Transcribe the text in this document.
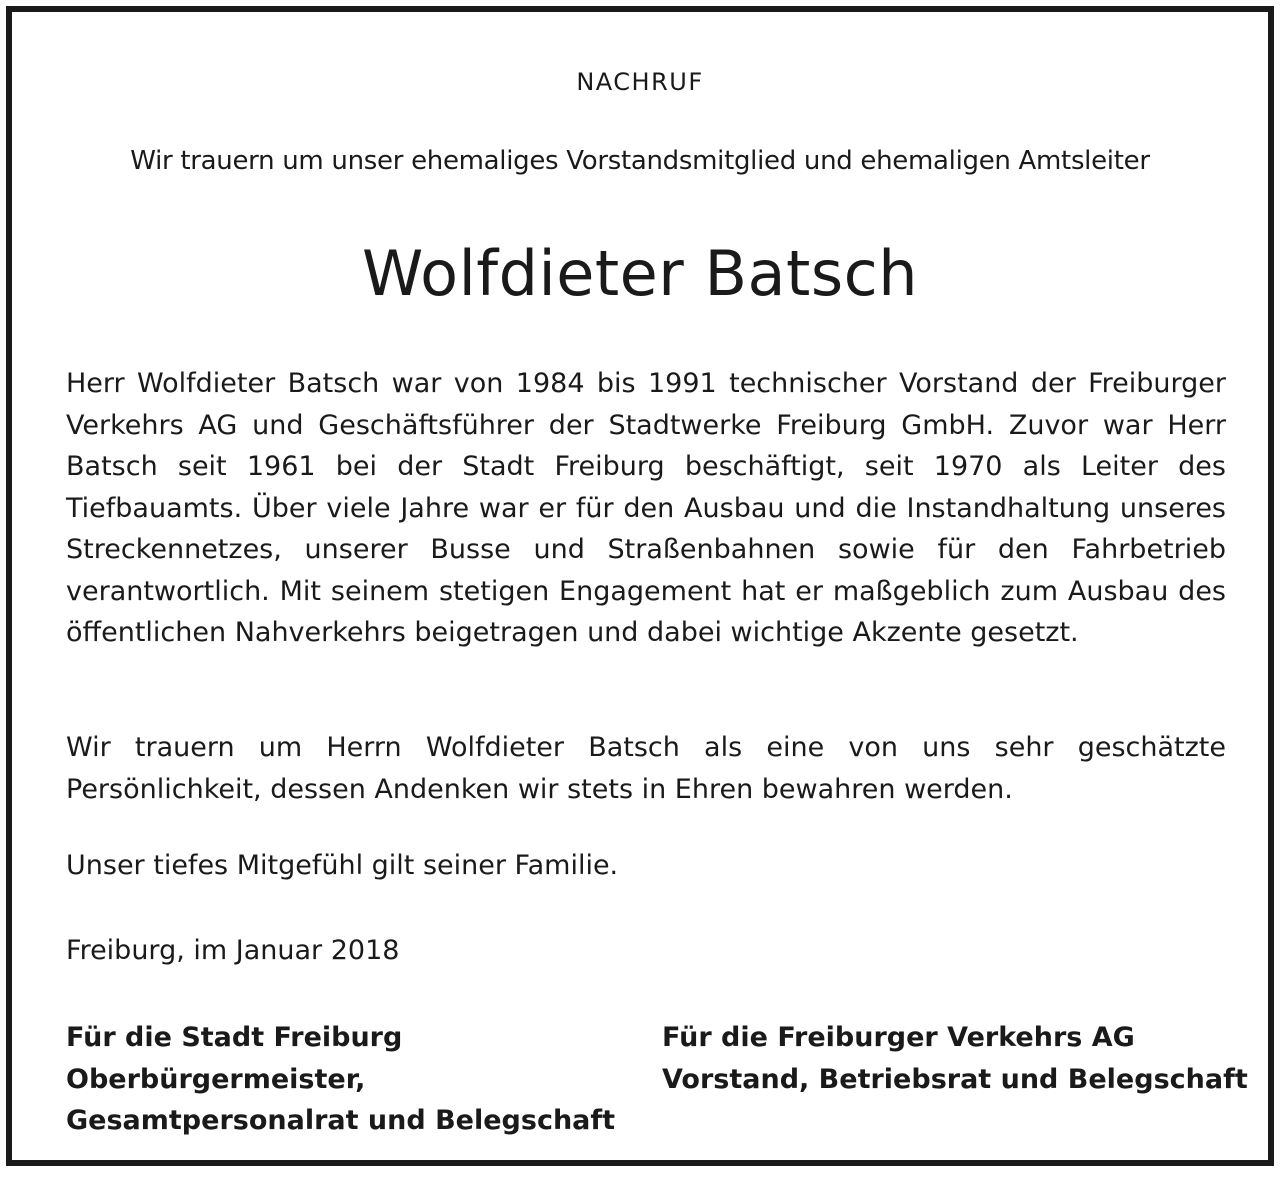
NACHRUF
Wir trauern um unser ehemaliges Vorstandsmitglied und ehemaligen Amtsleiter
Wolfdieter Batsch

Herr Wolfdieter Batsch war von 1984 bis 1991 technischer Vorstand der Freiburger Verkehrs AG und Geschäftsführer der Stadtwerke Freiburg GmbH. Zuvor war Herr Batsch seit 1961 bei der Stadt Freiburg beschäftigt, seit 1970 als Leiter des Tiefbauamts. Über viele Jahre war er für den Ausbau und die Instandhaltung unseres Streckennetzes, unserer Busse und Straßenbahnen sowie für den Fahrbetrieb verantwortlich. Mit seinem stetigen Engagement hat er maßgeblich zum Ausbau des öffentlichen Nahverkehrs beigetragen und dabei wichtige Akzente gesetzt.

Wir trauern um Herrn Wolfdieter Batsch als eine von uns sehr geschätzte Persönlichkeit, dessen Andenken wir stets in Ehren bewahren werden.

Unser tiefes Mitgefühl gilt seiner Familie.

Freiburg, im Januar 2018

Für die Stadt Freiburg
Oberbürgermeister,
Gesamtpersonalrat und Belegschaft
Für die Freiburger Verkehrs AG
Vorstand, Betriebsrat und Belegschaft
